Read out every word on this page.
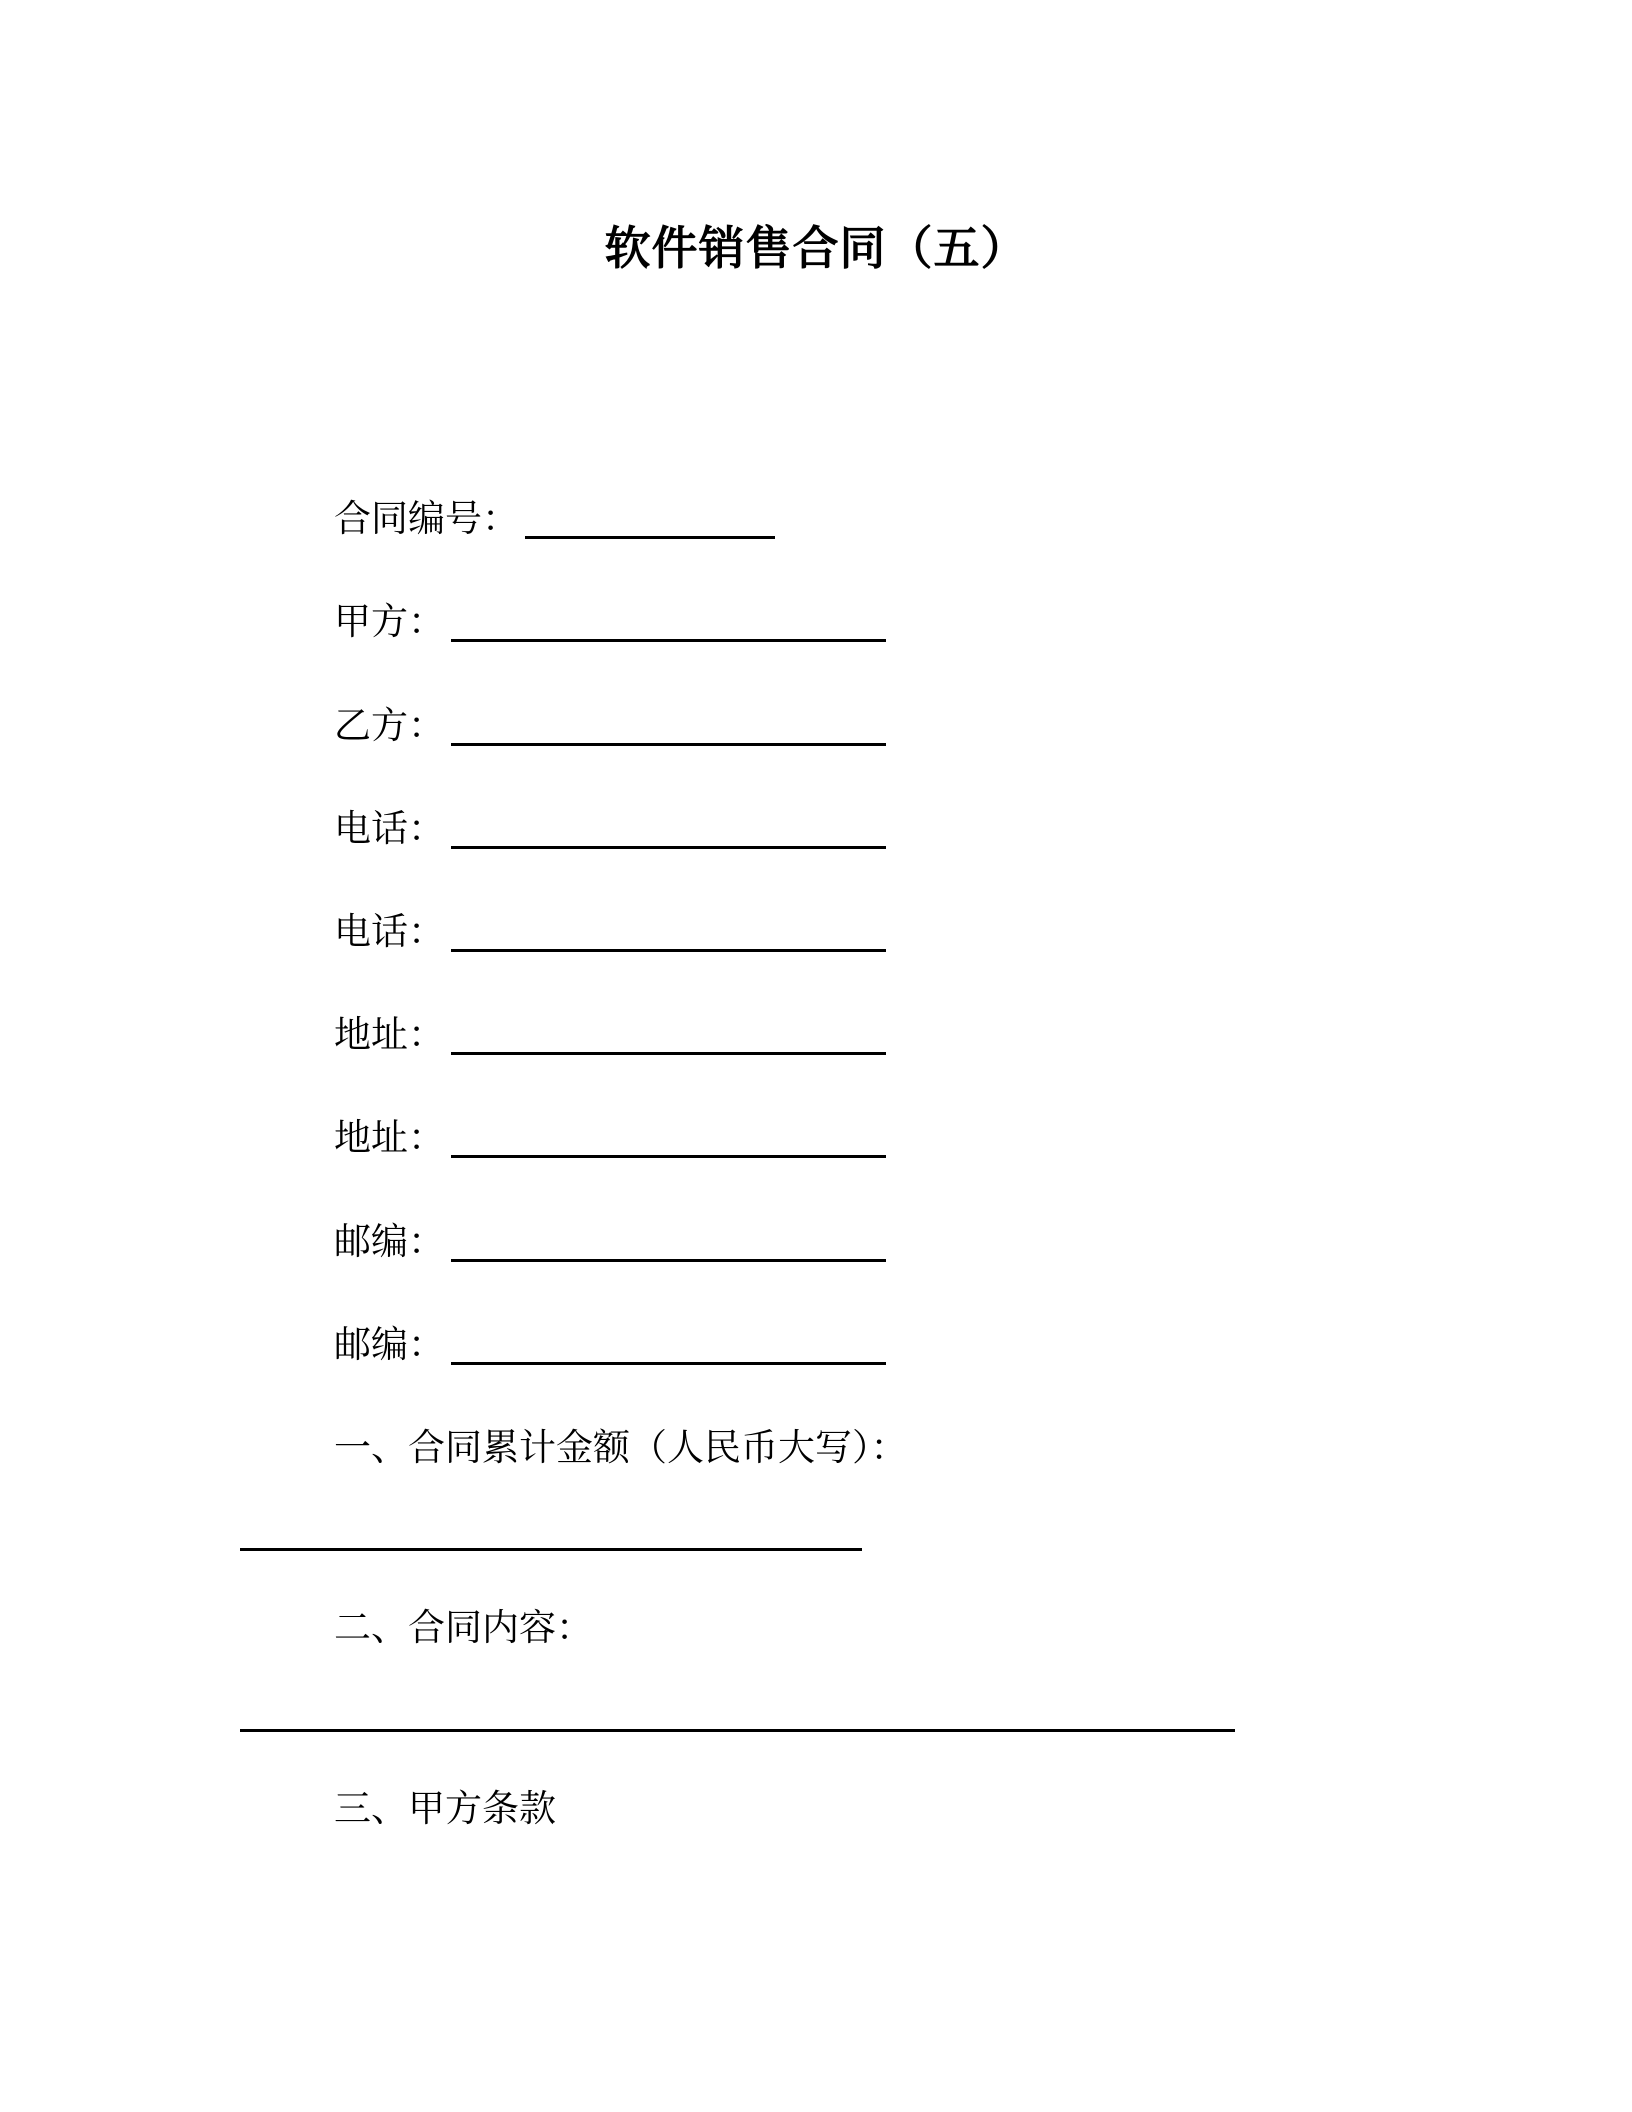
软件销售合同（五）
合同编号：
甲方：
乙方：
电话：
电话：
地址：
地址：
邮编：
邮编：
一、合同累计金额（人民币大写）：
二、合同内容：
三、甲方条款
